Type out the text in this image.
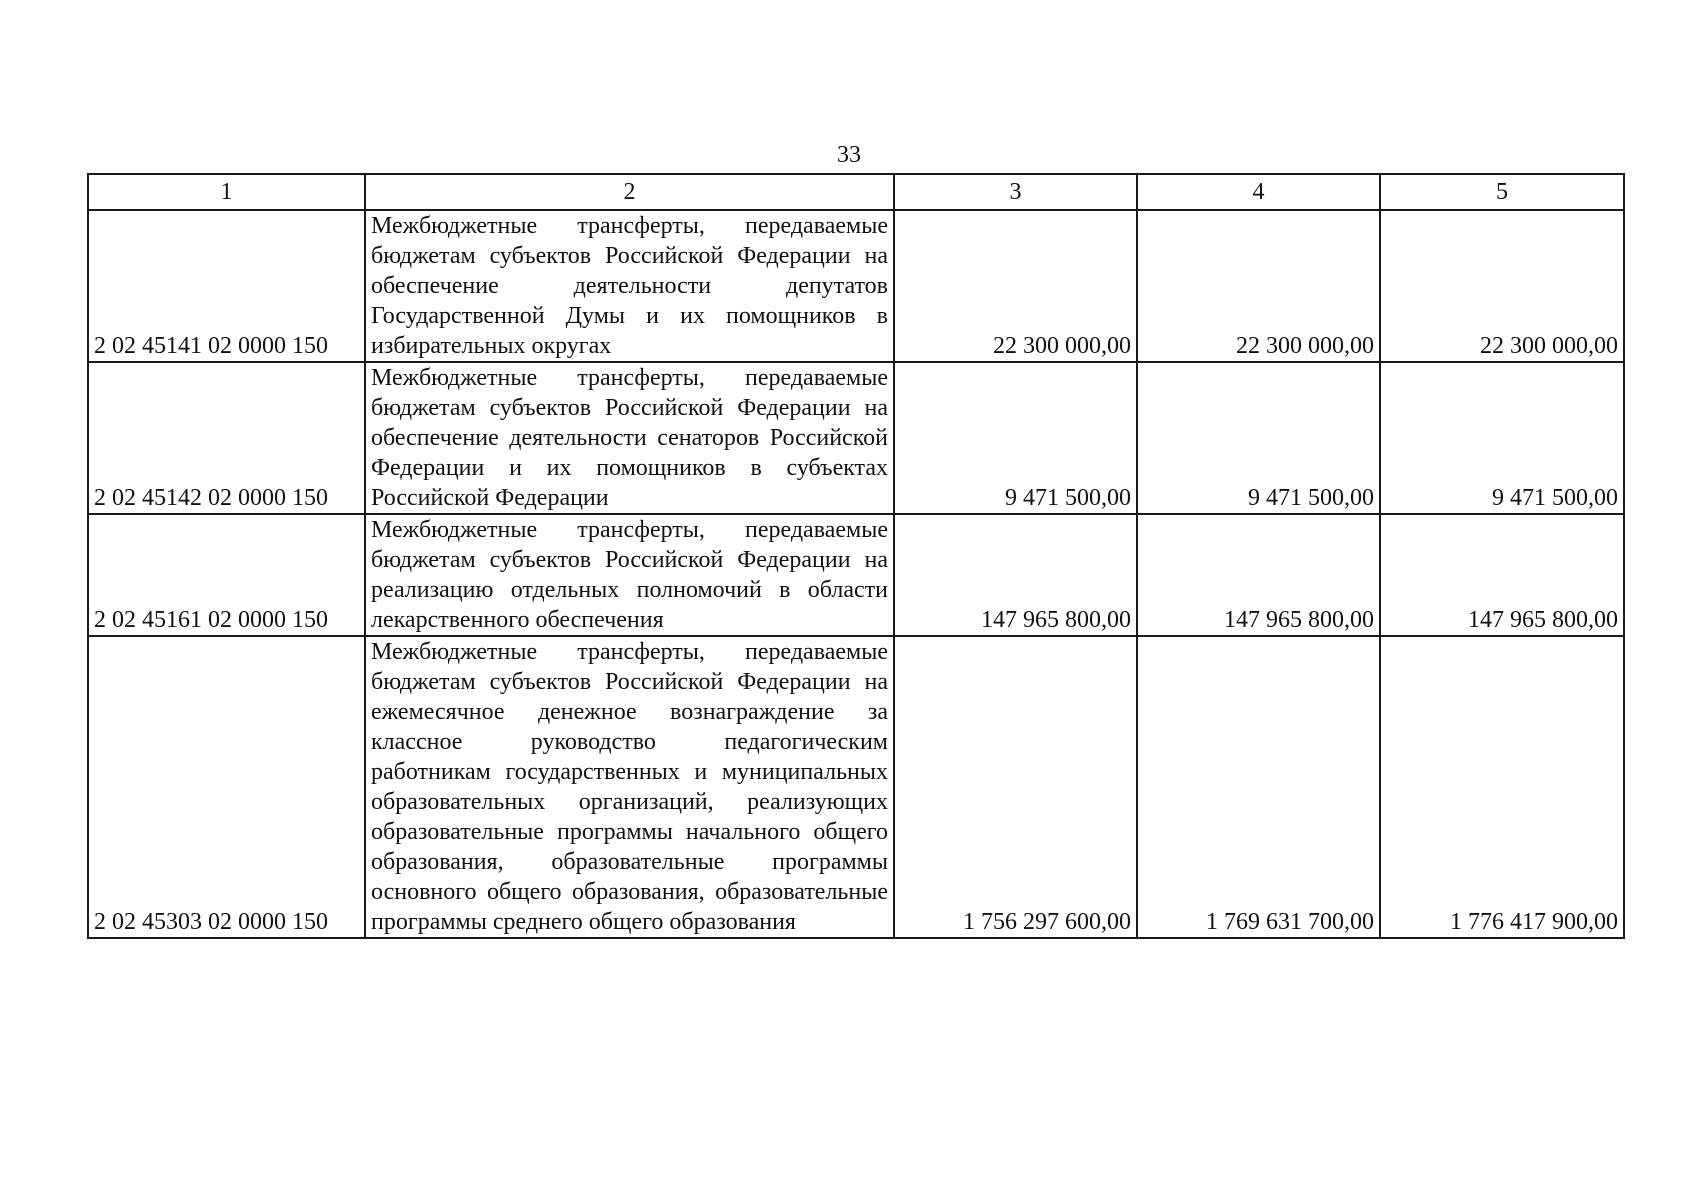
33
1	2	3	4	5
2 02 45141 02 0000 150	Межбюджетные трансферты, передаваемые бюджетам субъектов Российской Федерации на обеспечение деятельности депутатов Государственной Думы и их помощников в избирательных округах	22 300 000,00	22 300 000,00	22 300 000,00
2 02 45142 02 0000 150	Межбюджетные трансферты, передаваемые бюджетам субъектов Российской Федерации на обеспечение деятельности сенаторов Российской Федерации и их помощников в субъектах Российской Федерации	9 471 500,00	9 471 500,00	9 471 500,00
2 02 45161 02 0000 150	Межбюджетные трансферты, передаваемые бюджетам субъектов Российской Федерации на реализацию отдельных полномочий в области лекарственного обеспечения	147 965 800,00	147 965 800,00	147 965 800,00
2 02 45303 02 0000 150	Межбюджетные трансферты, передаваемые бюджетам субъектов Российской Федерации на ежемесячное денежное вознаграждение за классное руководство педагогическим работникам государственных и муниципальных образовательных организаций, реализующих образовательные программы начального общего образования, образовательные программы основного общего образования, образовательные программы среднего общего образования	1 756 297 600,00	1 769 631 700,00	1 776 417 900,00
